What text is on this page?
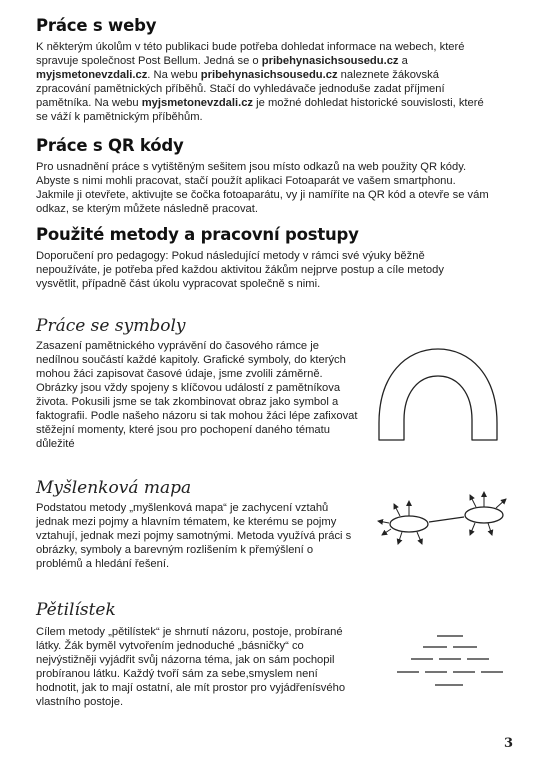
Práce s weby
K některým úkolům v této publikaci bude potřeba dohledat informace na webech, které
spravuje společnost Post Bellum. Jedná se o pribehynasichsousedu.cz a
myjsmetonevzdali.cz. Na webu pribehynasichsousedu.cz naleznete žákovská
zpracování pamětnických příběhů. Stačí do vyhledávače jednoduše zadat příjmení
pamětníka. Na webu myjsmetonevzdali.cz je možné dohledat historické souvislosti, které
se váží k pamětnickým příběhům.
Práce s QR kódy
Pro usnadnění práce s vytištěným sešitem jsou místo odkazů na web použity QR kódy.
Abyste s nimi mohli pracovat, stačí použít aplikaci Fotoaparát ve vašem smartphonu.
Jakmile ji otevřete, aktivujte se čočka fotoaparátu, vy ji namíříte na QR kód a otevře se vám
odkaz, se kterým můžete následně pracovat.
Použité metody a pracovní postupy
Doporučení pro pedagogy: Pokud následující metody v rámci své výuky běžně
nepoužíváte, je potřeba před každou aktivitou žákům nejprve postup a cíle metody
vysvětlit, případně část úkolu vypracovat společně s nimi.
Práce se symboly
Zasazení pamětnického vyprávění do časového rámce je
nedílnou součástí každé kapitoly. Grafické symboly, do kterých
mohou žáci zapisovat časové údaje, jsme zvolili záměrně.
Obrázky jsou vždy spojeny s klíčovou událostí z pamětníkova
života. Pokusili jsme se tak zkombinovat obraz jako symbol a
faktografii. Podle našeho názoru si tak mohou žáci lépe zafixovat
stěžejní momenty, které jsou pro pochopení daného tématu
důležité
Myšlenková mapa
Podstatou metody „myšlenková mapa“ je zachycení vztahů
jednak mezi pojmy a hlavním tématem, ke kterému se pojmy
vztahují, jednak mezi pojmy samotnými. Metoda využívá práci s
obrázky, symboly a barevným rozlišením k přemýšlení o
problémů a hledání řešení.
Pětilístek
Cílem metody „pětilístek“ je shrnutí názoru, postoje, probírané
látky. Žák byměl vytvořením jednoduché „básničky“ co
nejvýstižněji vyjádřit svůj názorna téma, jak on sám pochopil
probíranou látku. Každý tvoří sám za sebe,smyslem není
hodnotit, jak to mají ostatní, ale mít prostor pro vyjádřenísvého
vlastního postoje.
3
